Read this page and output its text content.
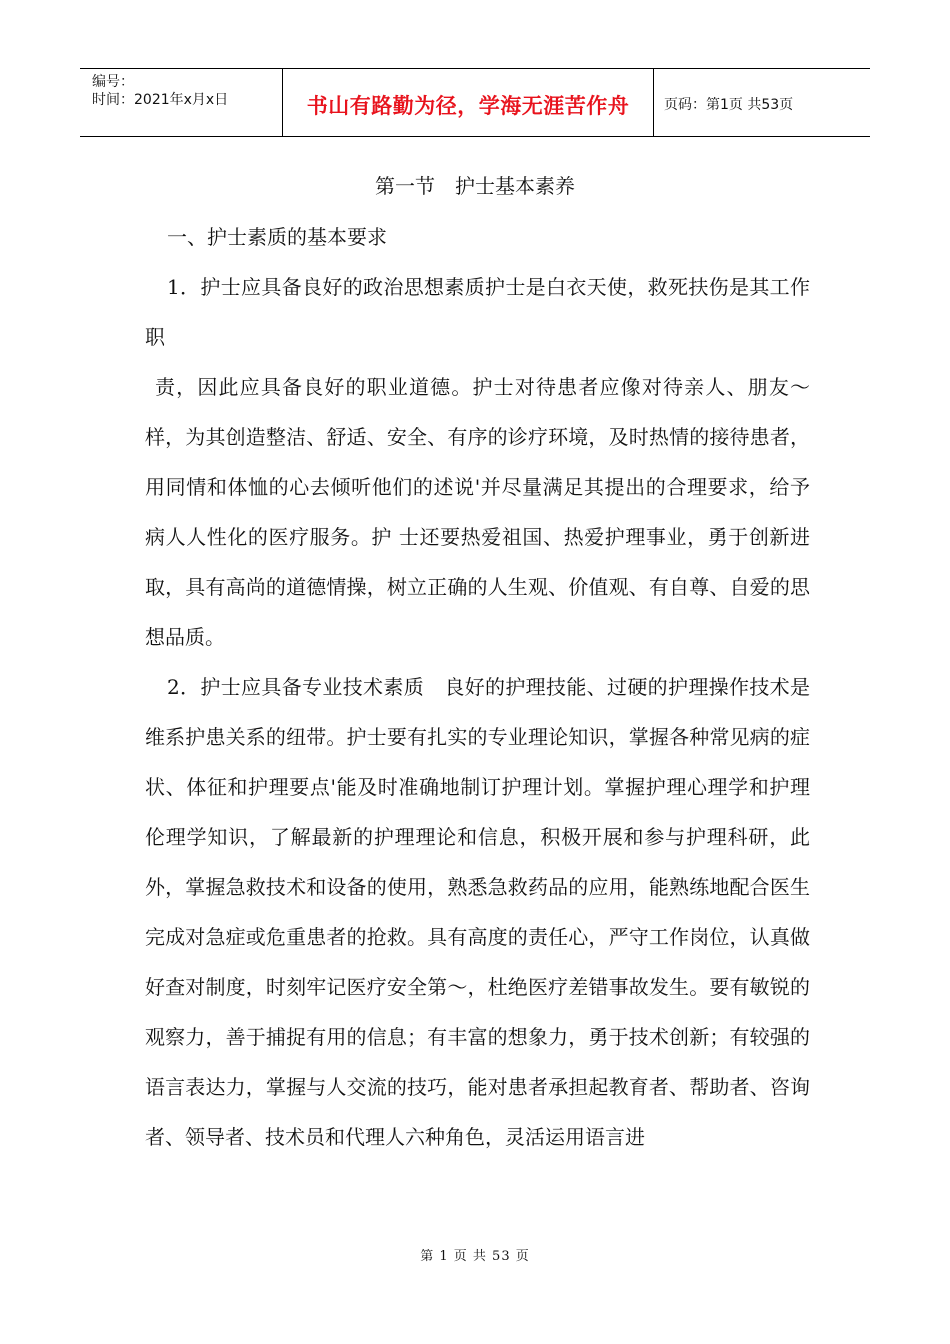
编号：
时间：2021年x月x日	书山有路勤为径，学海无涯苦作舟 页码：第1页 共53页
第一节　护士基本素养

一、护士素质的基本要求

1．护士应具备良好的政治思想素质护士是白衣天使，救死扶伤是其工作职

责，因此应具备良好的职业道德。护士对待患者应像对待亲人、朋友～样，为其创造整洁、舒适、安全、有序的诊疗环境，及时热情的接待患者，用同情和体恤的心去倾听他们的述说'并尽量满足其提出的合理要求，给予病人人性化的医疗服务。护 士还要热爱祖国、热爱护理事业，勇于创新进取，具有高尚的道德情操，树立正确的人生观、价值观、有自尊、自爱的思想品质。

2．护士应具备专业技术素质　良好的护理技能、过硬的护理操作技术是维系护患关系的纽带。护士要有扎实的专业理论知识，掌握各种常见病的症状、体征和护理要点'能及时准确地制订护理计划。掌握护理心理学和护理伦理学知识，了解最新的护理理论和信息，积极开展和参与护理科研，此外，掌握急救技术和设备的使用，熟悉急救药品的应用，能熟练地配合医生完成对急症或危重患者的抢救。具有高度的责任心，严守工作岗位，认真做好查对制度，时刻牢记医疗安全第～，杜绝医疗差错事故发生。要有敏锐的观察力，善于捕捉有用的信息；有丰富的想象力，勇于技术创新；有较强的语言表达力，掌握与人交流的技巧，能对患者承担起教育者、帮助者、咨询者、领导者、技术员和代理人六种角色，灵活运用语言进

第 1 页 共 53 页
